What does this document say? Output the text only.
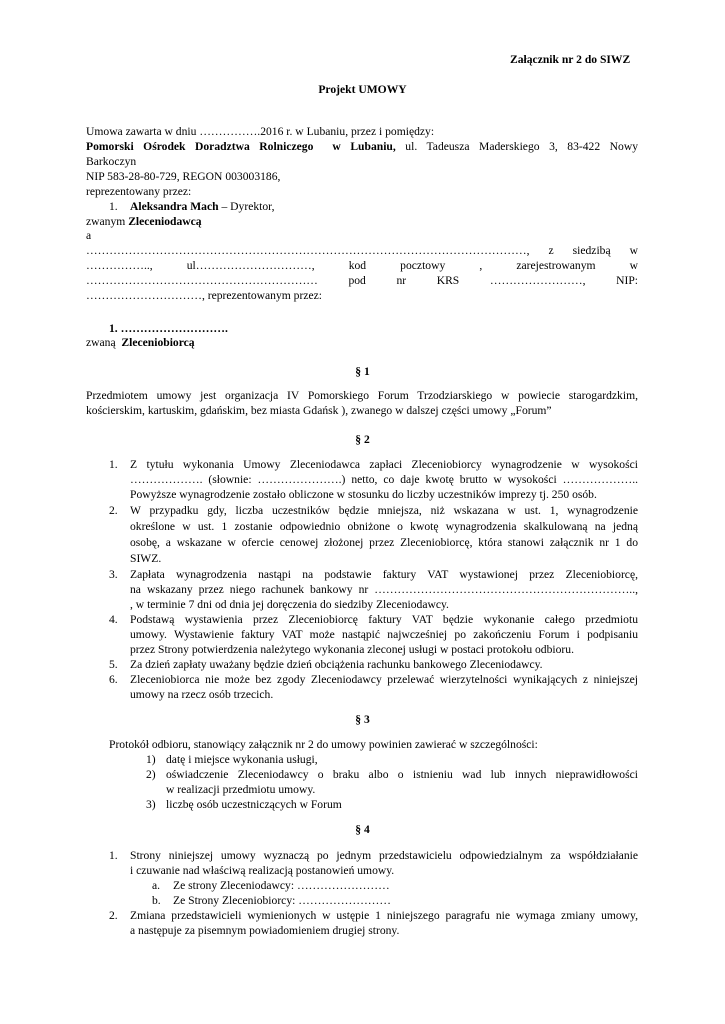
Załącznik nr 2 do SIWZ
Projekt UMOWY
Umowa zawarta w dniu …………….2016 r. w Lubaniu, przez i pomiędzy:
Pomorski Ośrodek Doradztwa Rolniczego w Lubaniu, ul. Tadeusza Maderskiego 3, 83-422 Nowy
Barkoczyn
NIP 583-28-80-729, REGON 003003186,
reprezentowany przez:
1. Aleksandra Mach – Dyrektor,
zwanym Zleceniodawcą
a
……………………………………………………………………………………………………, z siedzibą w
…………….., ul…………………………, kod pocztowy , zarejestrowanym w
…………………………………………………… pod nr KRS ……………………, NIP:
…………………………, reprezentowanym przez:
1. ……………………….
zwaną Zleceniobiorcą
§ 1
Przedmiotem umowy jest organizacja IV Pomorskiego Forum Trzodziarskiego w powiecie starogardzkim,
kościerskim, kartuskim, gdańskim, bez miasta Gdańsk ), zwanego w dalszej części umowy „Forum”
§ 2
1.	Z tytułu wykonania Umowy Zleceniodawca zapłaci Zleceniobiorcy wynagrodzenie w wysokości
………………. (słownie: ………………….) netto, co daje kwotę brutto w wysokości ………………..
Powyższe wynagrodzenie zostało obliczone w stosunku do liczby uczestników imprezy tj. 250 osób.
2.	W przypadku gdy, liczba uczestników będzie mniejsza, niż wskazana w ust. 1, wynagrodzenie
określone w ust. 1 zostanie odpowiednio obniżone o kwotę wynagrodzenia skalkulowaną na jedną
osobę, a wskazane w ofercie cenowej złożonej przez Zleceniobiorcę, która stanowi załącznik nr 1 do
SIWZ.
3.	Zapłata wynagrodzenia nastąpi na podstawie faktury VAT wystawionej przez Zleceniobiorcę,
na wskazany przez niego rachunek bankowy nr …………………………………………………………..,
, w terminie 7 dni od dnia jej doręczenia do siedziby Zleceniodawcy.
4.	Podstawą wystawienia przez Zleceniobiorcę faktury VAT będzie wykonanie całego przedmiotu
umowy. Wystawienie faktury VAT może nastąpić najwcześniej po zakończeniu Forum i podpisaniu
przez Strony potwierdzenia należytego wykonania zleconej usługi w postaci protokołu odbioru.
5.	Za dzień zapłaty uważany będzie dzień obciążenia rachunku bankowego Zleceniodawcy.
6.	Zleceniobiorca nie może bez zgody Zleceniodawcy przelewać wierzytelności wynikających z niniejszej
umowy na rzecz osób trzecich.
§ 3
Protokół odbioru, stanowiący załącznik nr 2 do umowy powinien zawierać w szczególności:
1) datę i miejsce wykonania usługi,
2) oświadczenie Zleceniodawcy o braku albo o istnieniu wad lub innych nieprawidłowości
w realizacji przedmiotu umowy.
3) liczbę osób uczestniczących w Forum
§ 4
1.	Strony niniejszej umowy wyznaczą po jednym przedstawicielu odpowiedzialnym za współdziałanie
i czuwanie nad właściwą realizacją postanowień umowy.
a. Ze strony Zleceniodawcy: ……………………
b. Ze Strony Zleceniobiorcy: ……………………
2.	Zmiana przedstawicieli wymienionych w ustępie 1 niniejszego paragrafu nie wymaga zmiany umowy,
a następuje za pisemnym powiadomieniem drugiej strony.
